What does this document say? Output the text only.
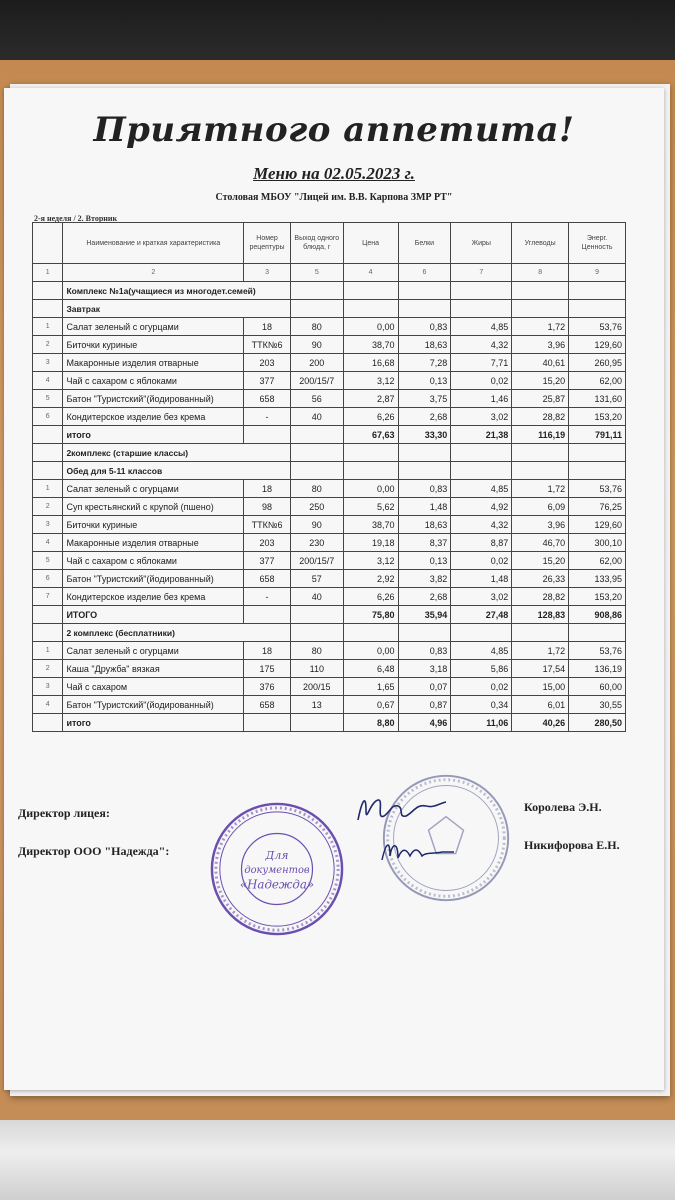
Приятного аппетита!
Меню на 02.05.2023 г.
Столовая МБОУ "Лицей им. В.В. Карпова ЗМР РТ"
2-я неделя / 2. Вторник
	Наименование и краткая характеристика	Номер рецептуры	Выход одного блюда, г	Цена	Белки	Жиры	Углеводы	Энерг. Ценность
1	2	3	5	4	6	7	8	9
	Комплекс №1а(учащиеся из многодет.семей)							
	Завтрак							
1	Салат зеленый с огурцами	18	80	0,00	0,83	4,85	1,72	53,76
2	Биточки куриные	ТТК№6	90	38,70	18,63	4,32	3,96	129,60
3	Макаронные изделия отварные	203	200	16,68	7,28	7,71	40,61	260,95
4	Чай с сахаром с яблоками	377	200/15/7	3,12	0,13	0,02	15,20	62,00
5	Батон "Туристский"(йодированный)	658	56	2,87	3,75	1,46	25,87	131,60
6	Кондитерское изделие без крема	-	40	6,26	2,68	3,02	28,82	153,20
	итого			67,63	33,30	21,38	116,19	791,11
	2комплекс (старшие классы)							
	Обед для 5-11 классов							
1	Салат зеленый с огурцами	18	80	0,00	0,83	4,85	1,72	53,76
2	Суп крестьянский с крупой (пшено)	98	250	5,62	1,48	4,92	6,09	76,25
3	Биточки куриные	ТТК№6	90	38,70	18,63	4,32	3,96	129,60
4	Макаронные изделия отварные	203	230	19,18	8,37	8,87	46,70	300,10
5	Чай с сахаром с яблоками	377	200/15/7	3,12	0,13	0,02	15,20	62,00
6	Батон "Туристский"(йодированный)	658	57	2,92	3,82	1,48	26,33	133,95
7	Кондитерское изделие без крема	-	40	6,26	2,68	3,02	28,82	153,20
	ИТОГО			75,80	35,94	27,48	128,83	908,86
	2 комплекс (бесплатники)							
1	Салат зеленый с огурцами	18	80	0,00	0,83	4,85	1,72	53,76
2	Каша "Дружба" вязкая	175	110	6,48	3,18	5,86	17,54	136,19
3	Чай с сахаром	376	200/15	1,65	0,07	0,02	15,00	60,00
4	Батон "Туристский"(йодированный)	658	13	0,67	0,87	0,34	6,01	30,55
	итого			8,80	4,96	11,06	40,26	280,50
Директор лицея:	Королева Э.Н.
Директор ООО "Надежда":	Никифорова Е.Н.
Для
документов
«Надежда»
